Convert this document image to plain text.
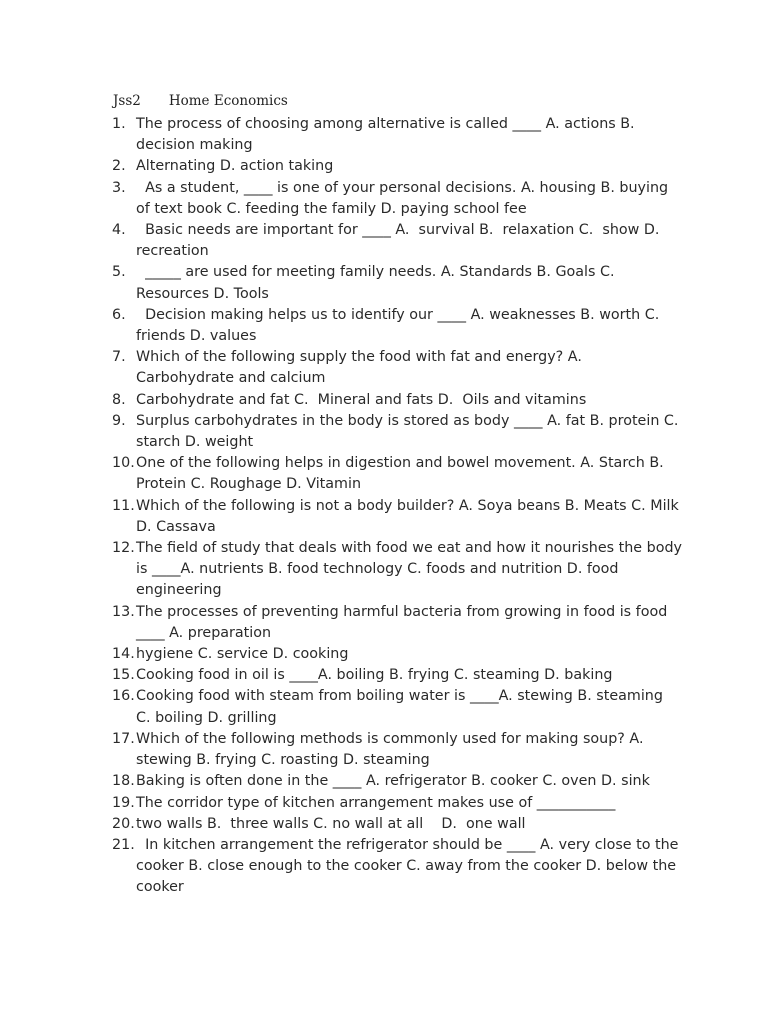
Jss2 Home Economics
1. The process of choosing among alternative is called ____ A. actions B. decision making
2. Alternating D. action taking
3. As a student, ____ is one of your personal decisions. A. housing B. buying of text book C. feeding the family D. paying school fee
4. Basic needs are important for ____ A.  survival B.  relaxation C.  show D. recreation
5. _____ are used for meeting family needs. A. Standards B. Goals C. Resources D. Tools
6. Decision making helps us to identify our ____ A. weaknesses B. worth C. friends D. values
7. Which of the following supply the food with fat and energy? A.  Carbohydrate and calcium
8. Carbohydrate and fat C.  Mineral and fats D.  Oils and vitamins
9. Surplus carbohydrates in the body is stored as body ____ A. fat B. protein C. starch D. weight
10. One of the following helps in digestion and bowel movement. A. Starch B. Protein C. Roughage D. Vitamin
11. Which of the following is not a body builder? A. Soya beans B. Meats C. Milk D. Cassava
12. The field of study that deals with food we eat and how it nourishes the body is ____A. nutrients B. food technology C. foods and nutrition D. food engineering
13. The processes of preventing harmful bacteria from growing in food is food ____ A. preparation
14. hygiene C. service D. cooking
15. Cooking food in oil is ____A. boiling B. frying C. steaming D. baking
16. Cooking food with steam from boiling water is ____A. stewing B. steaming C. boiling D. grilling
17. Which of the following methods is commonly used for making soup? A. stewing B. frying C. roasting D. steaming
18. Baking is often done in the ____ A. refrigerator B. cooker C. oven D. sink
19. The corridor type of kitchen arrangement makes use of ___________
20. two walls B.  three walls C. no wall at all    D.  one wall
21. In kitchen arrangement the refrigerator should be ____ A. very close to the cooker B. close enough to the cooker C. away from the cooker D. below the cooker
